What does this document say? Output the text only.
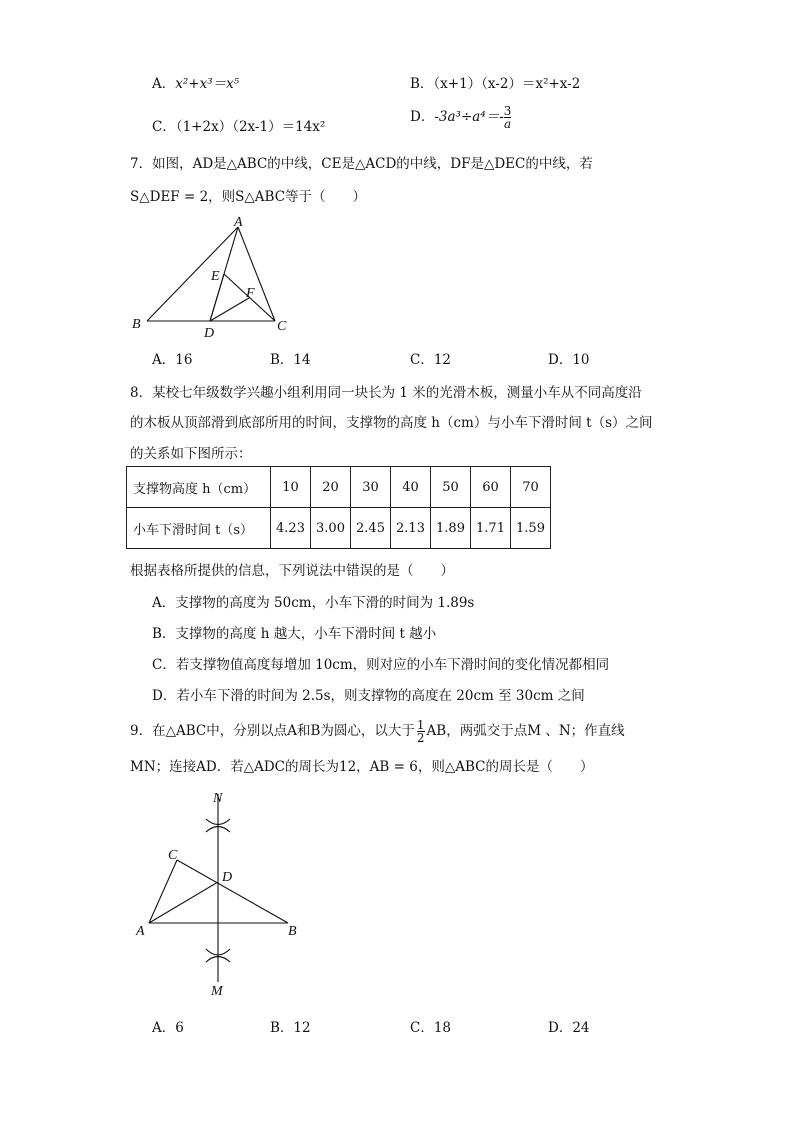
A．x²+x³＝x⁵	B．（x+1）（x-2）＝x²+x-2
C．（1+2x）（2x-1）＝14x²
D．$-3a^3\div a^4=- \frac{3}{a}$
7．如图，AD是△ABC的中线，CE是△ACD的中线，DF是△DEC的中线，若
S△DEF = 2，则S△ABC等于（　　）
A
B	C
D
E
F
A．16	B．14	C．12	D．10
8．某校七年级数学兴趣小组利用同一块长为 1 米的光滑木板，测量小车从不同高度沿
的木板从顶部滑到底部所用的时间，支撑物的高度 h（cm）与小车下滑时间 t（s）之间
的关系如下图所示：
支撑物高度 h（cm）	10	20	30	40	50	60	70
小车下滑时间 t（s）	4.23	3.00	2.45	2.13	1.89	1.71	1.59
根据表格所提供的信息，下列说法中错误的是（　　）
A．支撑物的高度为 50cm，小车下滑的时间为 1.89s
B．支撑物的高度 h 越大，小车下滑时间 t 越小
C．若支撑物值高度每增加 10cm，则对应的小车下滑时间的变化情况都相同
D．若小车下滑的时间为 2.5s，则支撑物的高度在 20cm 至 30cm 之间
9．在△ABC中，分别以点A和B为圆心，以大于 $\frac{1}{2}$ AB，两弧交于点M 、N；作直线
MN；连接AD．若△ADC的周长为12，AB = 6，则△ABC的周长是（　　）
N
C
D
A	B
M
A．6	B．12	C．18	D．24
